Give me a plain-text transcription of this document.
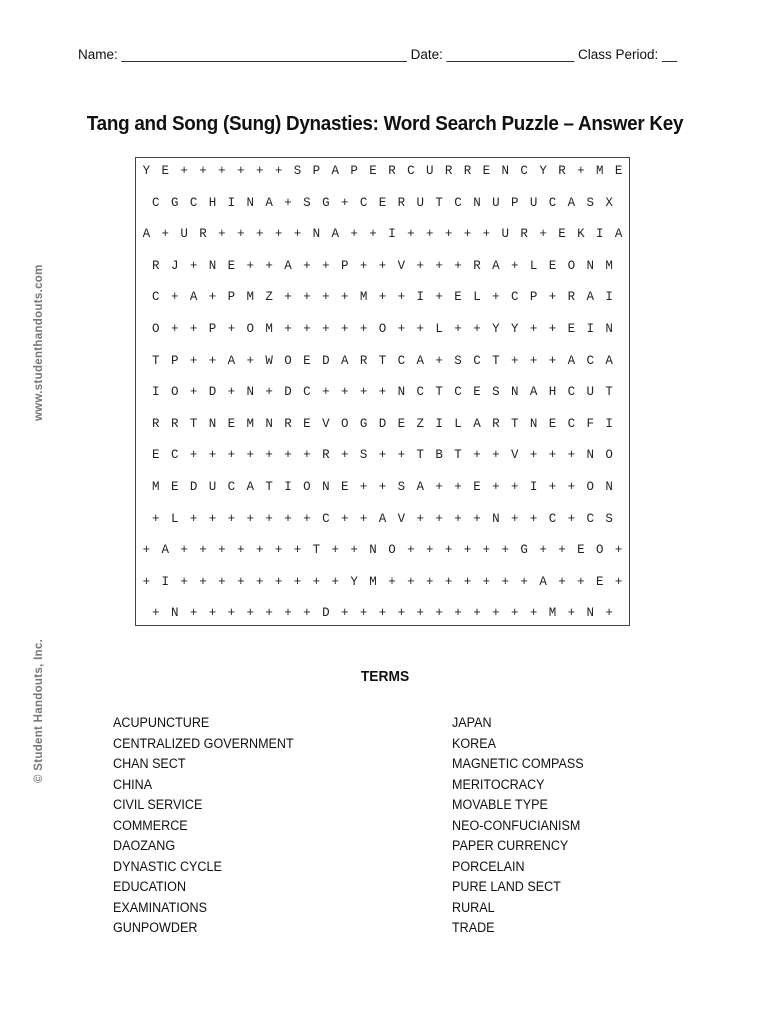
Name: ______________________________________ Date: _________________ Class Period: __
Tang and Song (Sung) Dynasties: Word Search Puzzle – Answer Key
www.studenthandouts.com
© Student Handouts, Inc.
Y E + + + + + + S P A P E R C U R R E N C Y R + M E
C G C H I N A + S G + C E R U T C N U P U C A S X
A + U R + + + + + N A + + I + + + + + U R + E K I A
R J + N E + + A + + P + + V + + + R A + L E O N M
C + A + P M Z + + + + M + + I + E L + C P + R A I
O + + P + O M + + + + + O + + L + + Y Y + + E I N
T P + + A + W O E D A R T C A + S C T + + + A C A
I O + D + N + D C + + + + N C T C E S N A H C U T
R R T N E M N R E V O G D E Z I L A R T N E C F I
E C + + + + + + + R + S + + T B T + + V + + + N O
M E D U C A T I O N E + + S A + + E + + I + + O N
+ L + + + + + + + C + + A V + + + + N + + C + C S
+ A + + + + + + + T + + N O + + + + + + G + + E O +
+ I + + + + + + + + + Y M + + + + + + + + A + + E +
+ N + + + + + + + D + + + + + + + + + + + M + N +
TERMS
ACUPUNCTURE
CENTRALIZED GOVERNMENT
CHAN SECT
CHINA
CIVIL SERVICE
COMMERCE
DAOZANG
DYNASTIC CYCLE
EDUCATION
EXAMINATIONS
GUNPOWDER
JAPAN
KOREA
MAGNETIC COMPASS
MERITOCRACY
MOVABLE TYPE
NEO-CONFUCIANISM
PAPER CURRENCY
PORCELAIN
PURE LAND SECT
RURAL
TRADE
